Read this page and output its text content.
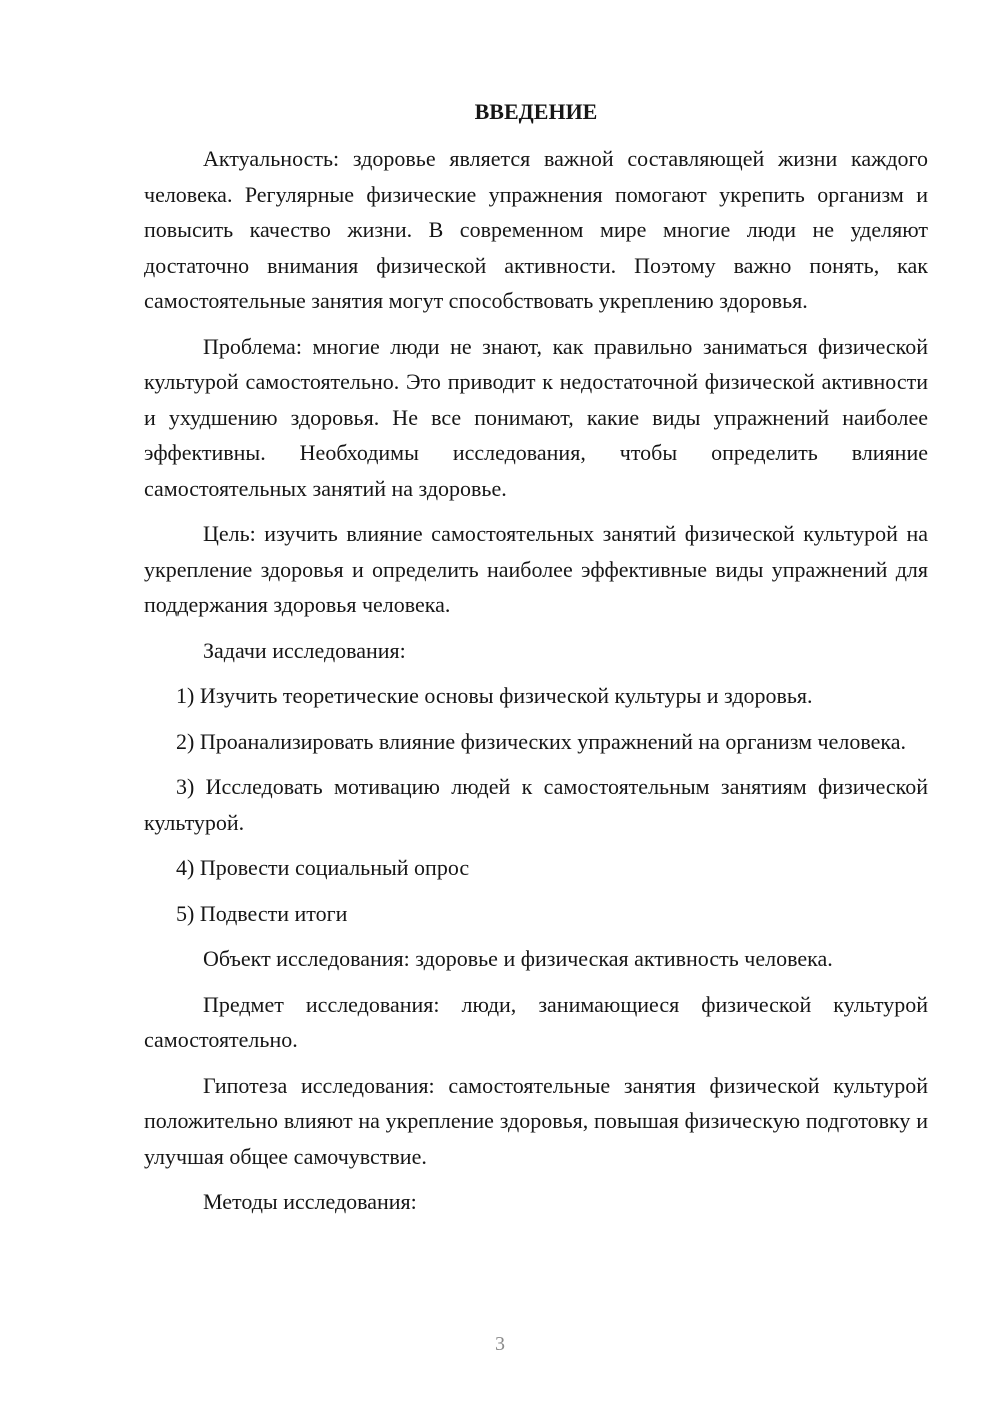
ВВЕДЕНИЕ

Актуальность: здоровье является важной составляющей жизни каждого человека. Регулярные физические упражнения помогают укрепить организм и повысить качество жизни. В современном мире многие люди не уделяют достаточно внимания физической активности. Поэтому важно понять, как самостоятельные занятия могут способствовать укреплению здоровья.

Проблема: многие люди не знают, как правильно заниматься физической культурой самостоятельно. Это приводит к недостаточной физической активности и ухудшению здоровья. Не все понимают, какие виды упражнений наиболее эффективны. Необходимы исследования, чтобы определить влияние самостоятельных занятий на здоровье.

Цель: изучить влияние самостоятельных занятий физической культурой на укрепление здоровья и определить наиболее эффективные виды упражнений для поддержания здоровья человека.

Задачи исследования:

1) Изучить теоретические основы физической культуры и здоровья.

2) Проанализировать влияние физических упражнений на организм человека.

3) Исследовать мотивацию людей к самостоятельным занятиям физической культурой.

4) Провести социальный опрос

5) Подвести итоги

Объект исследования: здоровье и физическая активность человека.

Предмет исследования: люди, занимающиеся физической культурой самостоятельно.

Гипотеза исследования: самостоятельные занятия физической культурой положительно влияют на укрепление здоровья, повышая физическую подготовку и улучшая общее самочувствие.

Методы исследования:

3
